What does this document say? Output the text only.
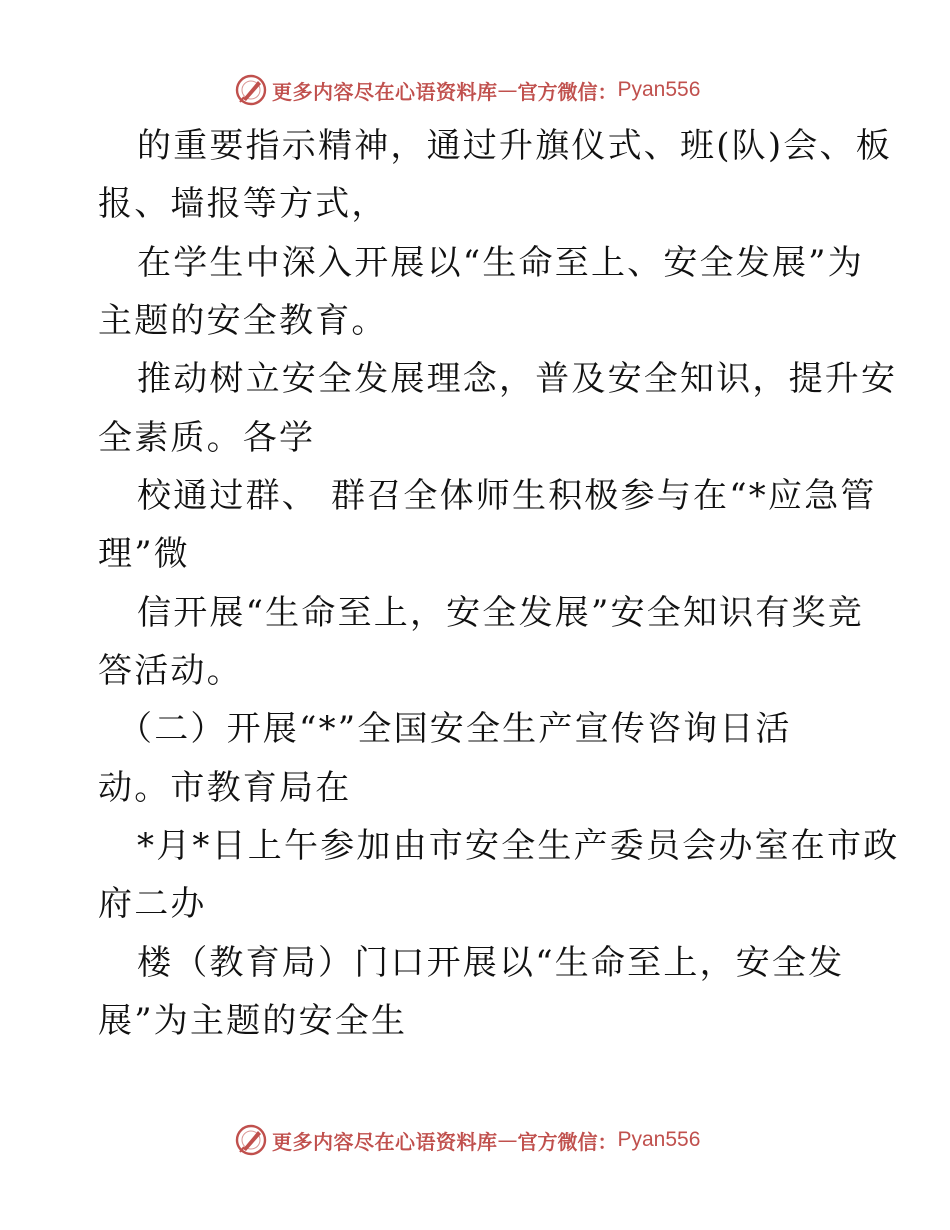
更多内容尽在心语资料库 — 官方微信： Pyan556
的重要指示精神，通过升旗仪式、班(队)会、板
报、墙报等方式，
在学生中深入开展以“生命至上、安全发展”为
主题的安全教育。
推动树立安全发展理念，普及安全知识，提升安
全素质。各学
校通过群、 群召全体师生积极参与在“*应急管
理”微
信开展“生命至上，安全发展”安全知识有奖竞
答活动。
（二）开展“*”全国安全生产宣传咨询日活
动。市教育局在
*月*日上午参加由市安全生产委员会办室在市政
府二办
楼（教育局）门口开展以“生命至上，安全发
展”为主题的安全生
更多内容尽在心语资料库 — 官方微信： Pyan556
